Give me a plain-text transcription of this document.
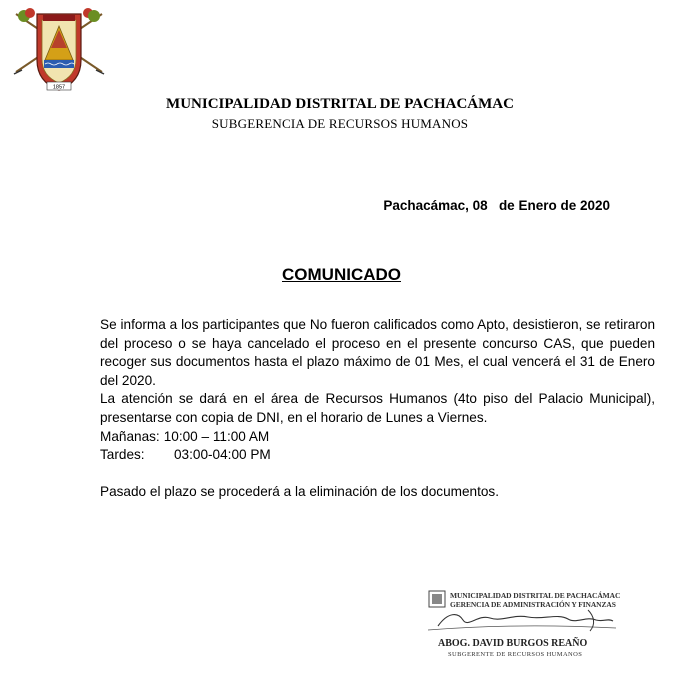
1857
MUNICIPALIDAD DISTRITAL DE PACHACÁMAC
SUBGERENCIA DE RECURSOS HUMANOS
Pachacámac, 08   de Enero de 2020
COMUNICADO

Se informa a los participantes que No fueron calificados como Apto, desistieron, se retiraron del proceso o se haya cancelado el proceso en el presente concurso CAS, que pueden recoger sus documentos hasta el plazo máximo de 01 Mes, el cual vencerá el 31 de Enero del 2020.

La atención se dará en el área de Recursos Humanos (4to piso del Palacio Municipal), presentarse con copia de DNI, en el horario de Lunes a Viernes.

Mañanas: 10:00 – 11:00 AM
Tardes:	03:00-04:00 PM

Pasado el plazo se procederá a la eliminación de los documentos.

MUNICIPALIDAD DISTRITAL DE PACHACÁMAC
GERENCIA DE ADMINISTRACIÓN Y FINANZAS
ABOG. DAVID BURGOS REAÑO
SUBGERENTE DE RECURSOS HUMANOS
